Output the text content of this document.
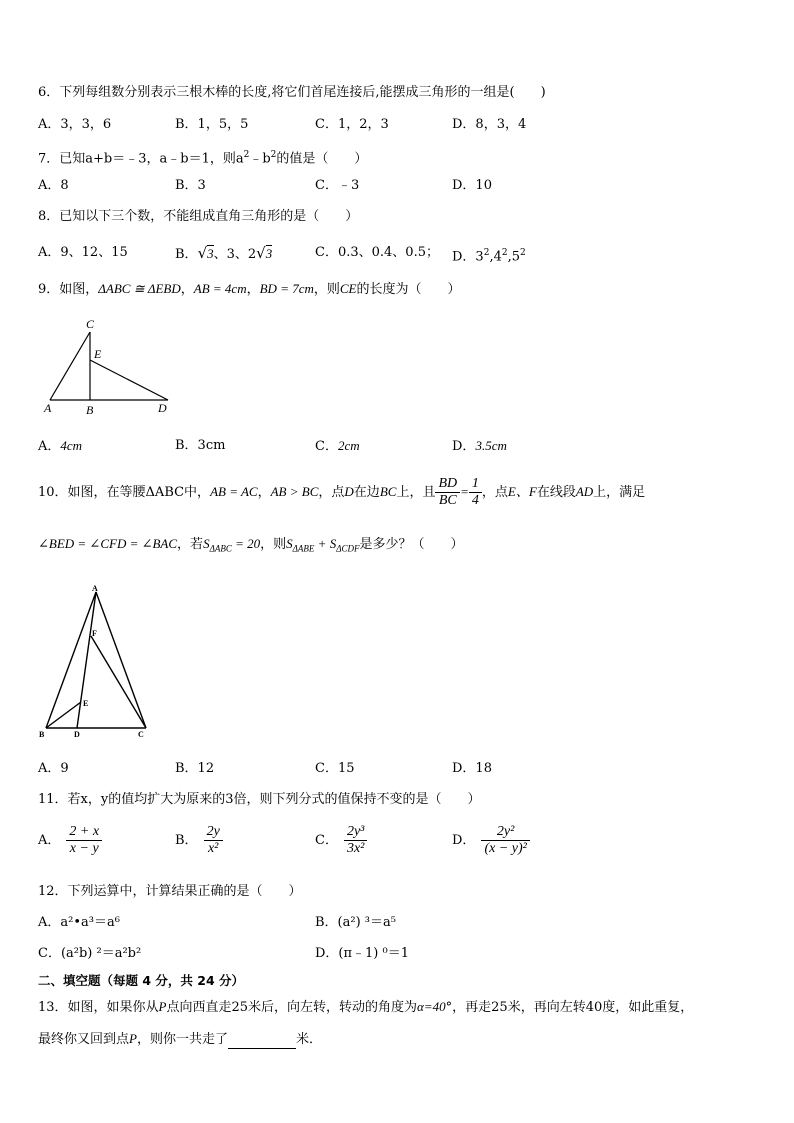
6．下列每组数分别表示三根木棒的长度,将它们首尾连接后,能摆成三角形的一组是(　　)
A．3，3，6	B．1，5，5	C．1，2，3	D．8，3，4
7．已知a+b＝﹣3，a﹣b＝1，则$a^2﹣b^2$的值是（　　）
A．8	B．3	C．﹣3	D．10
8．已知以下三个数，不能组成直角三角形的是（　　）
A．9、12、15	B．√3、3、2√3	C．0.3、0.4、0.5； D．$3^2,4^2,5^2$
9．如图，ΔABC ≅ ΔEBD，AB = 4cm，BD = 7cm，则CE的长度为（　　）
C
E
A	B	D
A．4cm	B．3cm	C．2cm	D．3.5cm
10．如图，在等腰ΔABC中，AB = AC，AB > BC，点D在边BC上，且 $\frac{BD}{BC} = \frac{1}{4}$ ，点E、F在线段AD上，满足
∠BED = ∠CFD = ∠BAC，若$S_{\Delta ABC} = 20$，则$S_{\Delta ABE} + S_{\Delta CDF}$是多少？（　　）
A
F
E
B	D	C
A．9	B．12	C．15	D．18
11．若x，y的值均扩大为原来的3倍，则下列分式的值保持不变的是（　　）
A． $\frac{2 + x}{x - y}$	B． $\frac{2y}{\text{x²}}$	C． $\frac{\text{2y³}}{\text{3x²}}$	D． $\frac{\text{2y²}}{\text{(x − y)²}}$
12．下列运算中，计算结果正确的是（　　）
A．a²•a³＝a⁶	B．(a²) ³＝a⁵
C．(a²b) ²＝a²b²	D．(π﹣1) ⁰＝1
二、填空题（每题 4 分，共 24 分）
13．如图，如果你从P点向西直走25米后，向左转，转动的角度为α=40°，再走25米，再向左转40度，如此重复，
最终你又回到点P，则你一共走了	米．
